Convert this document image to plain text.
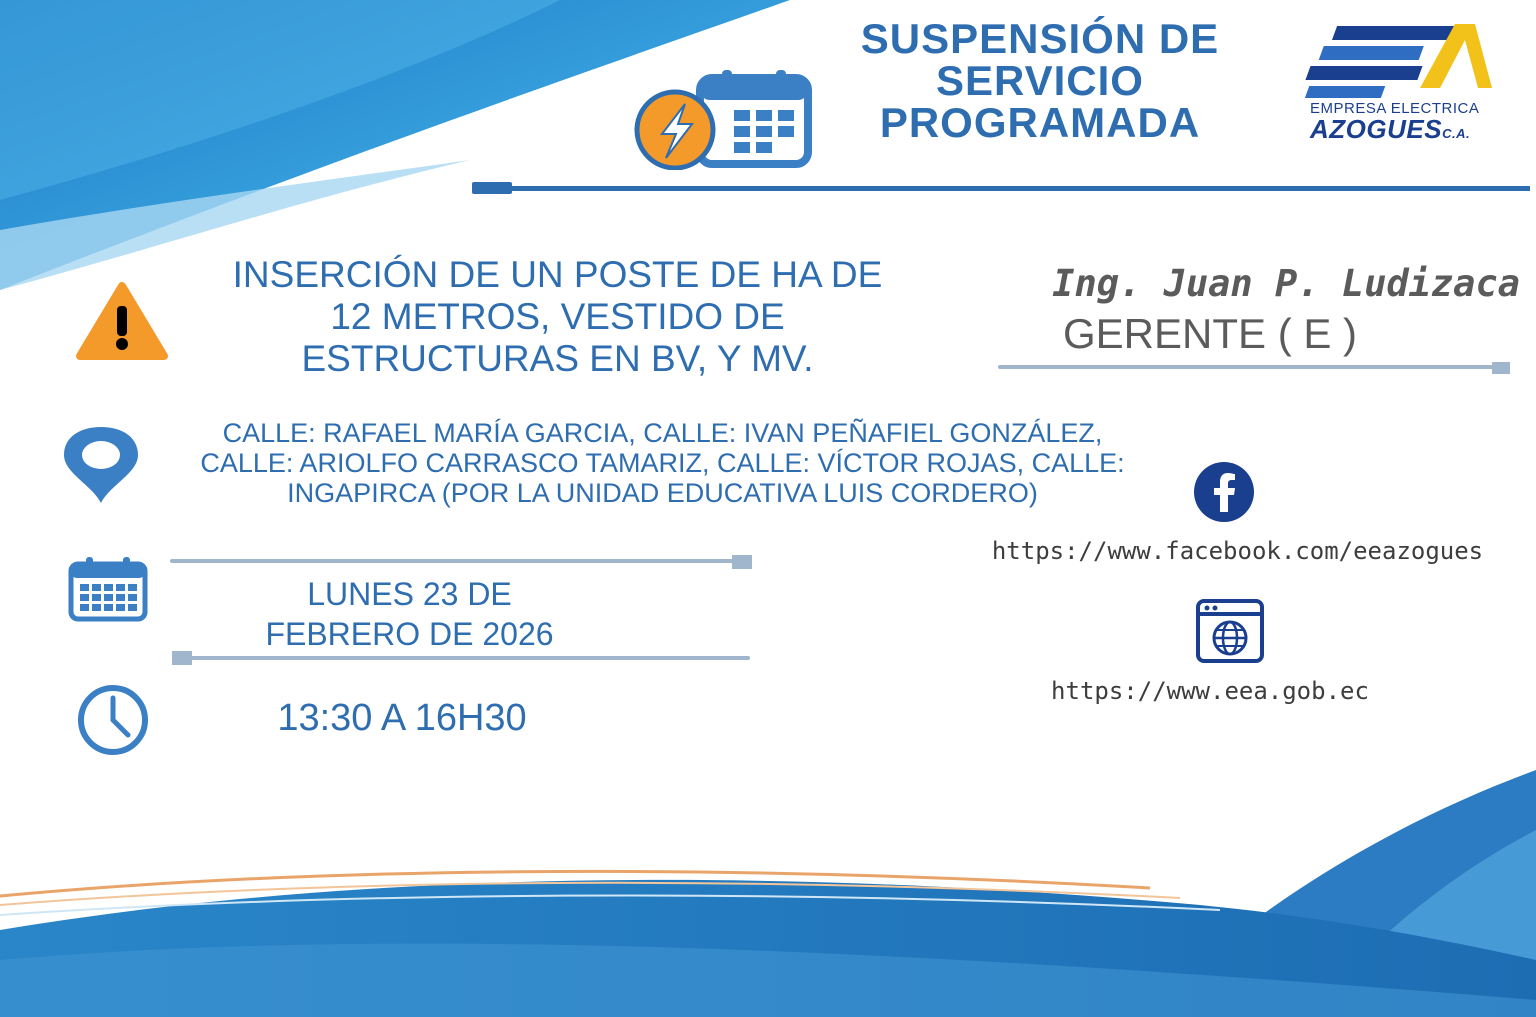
SUSPENSIÓN DE
SERVICIO
PROGRAMADA	EMPRESA ELECTRICA
AZOGUESC.A.
INSERCIÓN DE UN POSTE DE HA DE
12 METROS, VESTIDO DE
ESTRUCTURAS EN BV, Y MV.
Ing. Juan P. Ludizaca
GERENTE ( E )
CALLE: RAFAEL MARÍA GARCIA, CALLE: IVAN PEÑAFIEL GONZÁLEZ,
CALLE: ARIOLFO CARRASCO TAMARIZ, CALLE: VÍCTOR ROJAS, CALLE:
INGAPIRCA (POR LA UNIDAD EDUCATIVA LUIS CORDERO)
https://www.facebook.com/eeazogues
https://www.eea.gob.ec
LUNES 23 DE
FEBRERO DE 2026
13:30 A 16H30
